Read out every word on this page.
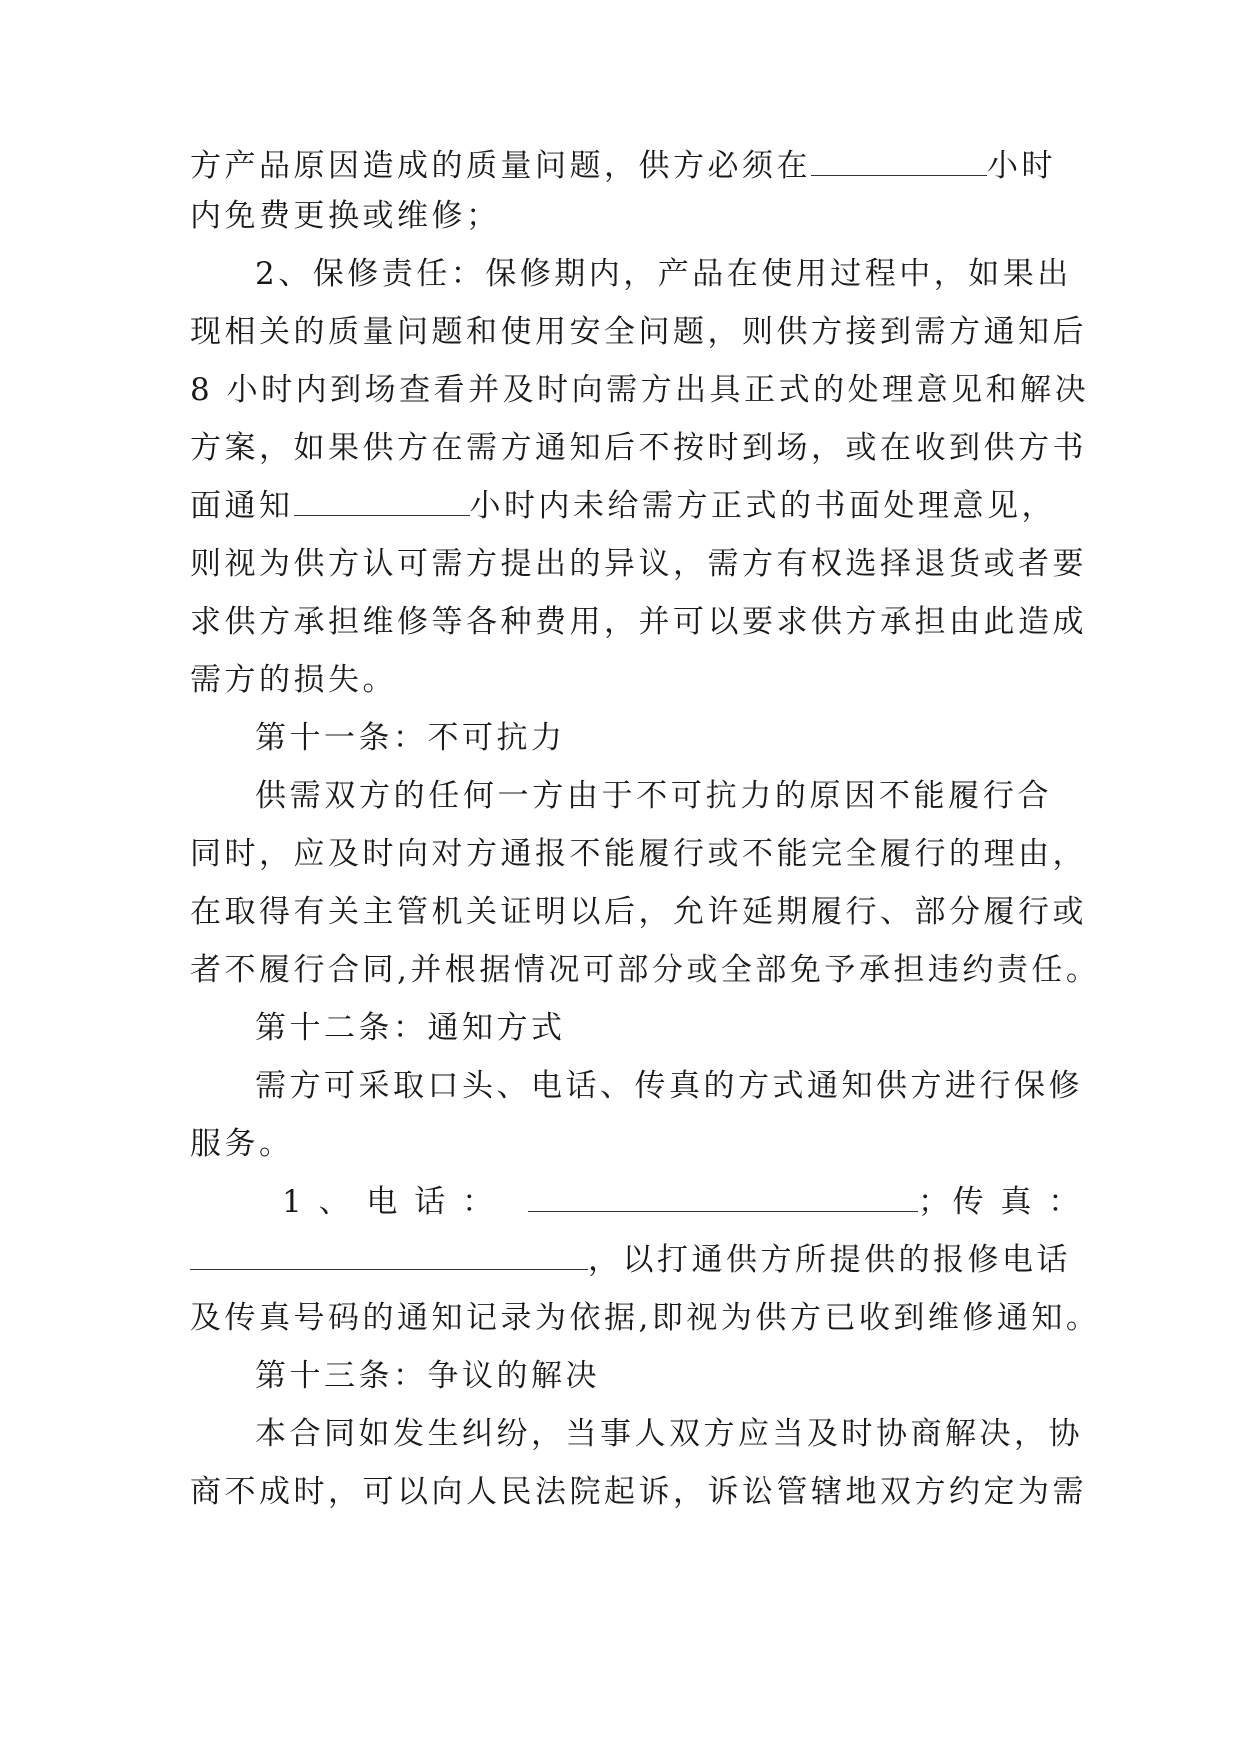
方产品原因造成的质量问题，供方必须在	小时
内免费更换或维修；
2、保修责任：保修期内，产品在使用过程中，如果出
现相关的质量问题和使用安全问题，则供方接到需方通知后
8 小时内到场查看并及时向需方出具正式的处理意见和解决
方案，如果供方在需方通知后不按时到场，或在收到供方书
面通知	小时内未给需方正式的书面处理意见，
则视为供方认可需方提出的异议，需方有权选择退货或者要
求供方承担维修等各种费用，并可以要求供方承担由此造成
需方的损失。
第十一条：不可抗力
供需双方的任何一方由于不可抗力的原因不能履行合
同时，应及时向对方通报不能履行或不能完全履行的理由，
在取得有关主管机关证明以后，允许延期履行、部分履行或
者不履行合同,并根据情况可部分或全部免予承担违约责任。
第十二条：通知方式
需方可采取口头、电话、传真的方式通知供方进行保修
服务。
1 、 电 话 ：	；传 真 ：
，以打通供方所提供的报修电话
及传真号码的通知记录为依据,即视为供方已收到维修通知。
第十三条：争议的解决
本合同如发生纠纷，当事人双方应当及时协商解决，协
商不成时，可以向人民法院起诉，诉讼管辖地双方约定为需
